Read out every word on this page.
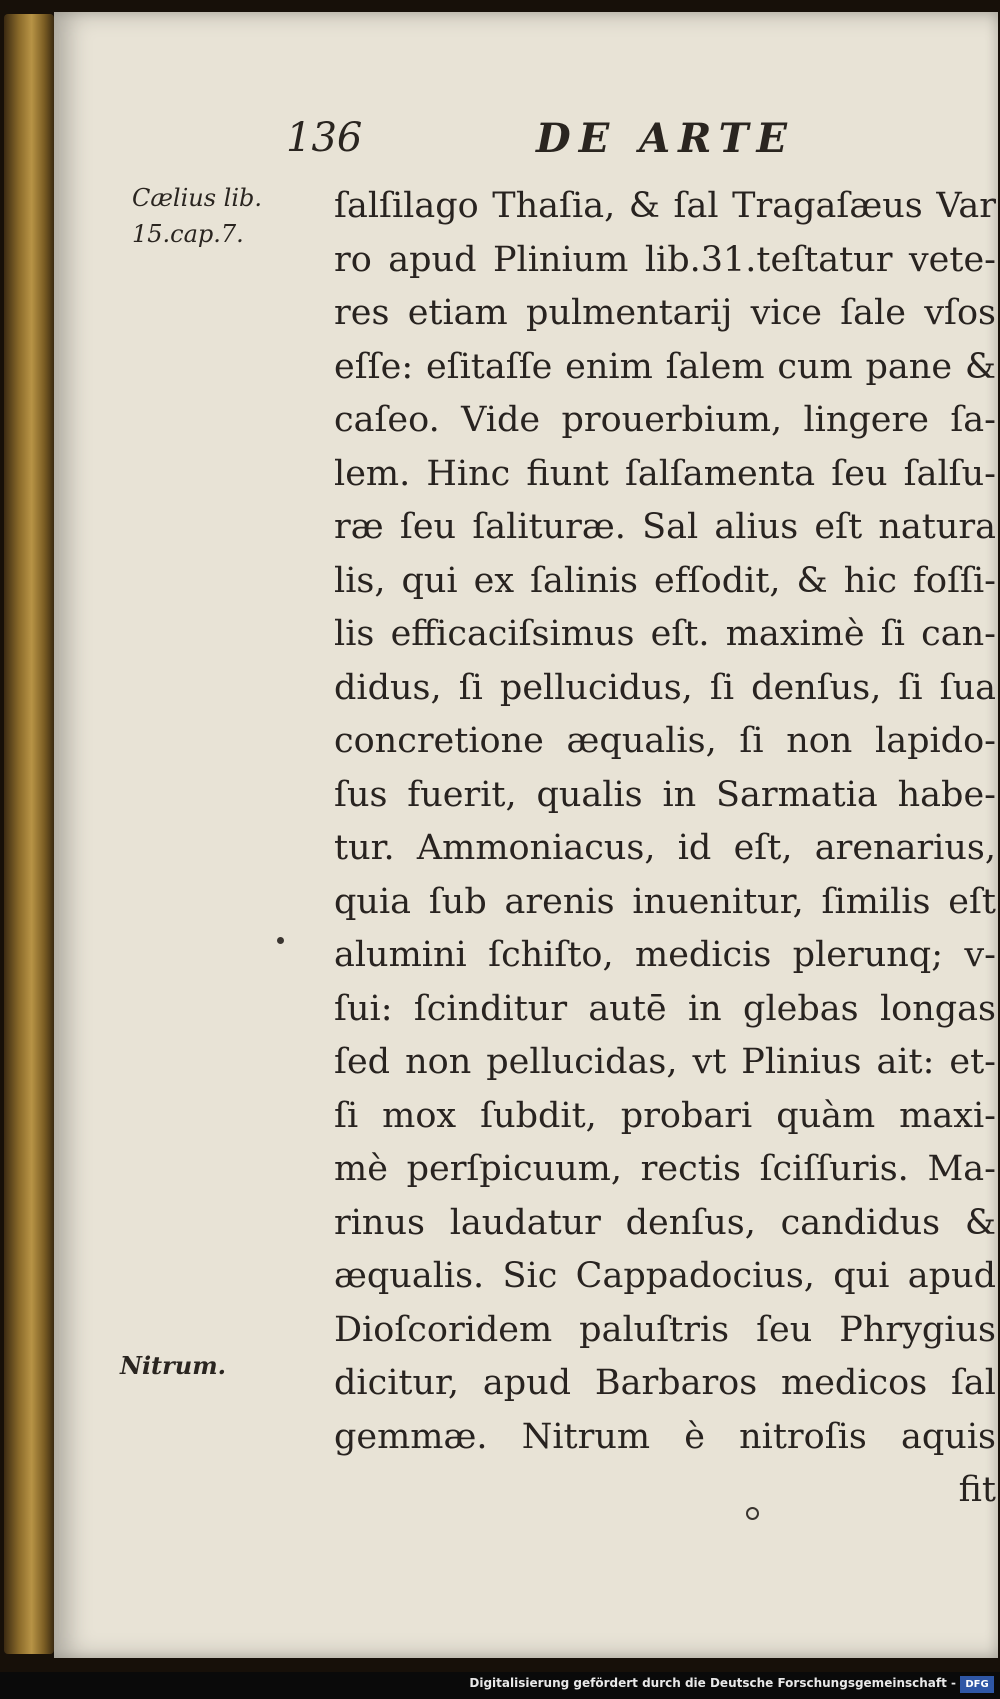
136	DE ARTE
Cælius lib.
15.cap.7.
Nitrum.
ſalſilago Thaſia, & ſal Tragaſæus Var
ro apud Plinium lib.31.teſtatur vete-
res etiam pulmentarij vice ſale vſos
eſſe: eſitaſſe enim ſalem cum pane &
caſeo. Vide prouerbium, lingere ſa-
lem. Hinc fiunt ſalſamenta ſeu ſalſu-
ræ ſeu ſalituræ. Sal alius eſt natura
lis, qui ex ſalinis efſodit, & hic foſſi-
lis efficaciſsimus eſt. maximè ſi can-
didus, ſi pellucidus, ſi denſus, ſi ſua
concretione æqualis, ſi non lapido-
ſus fuerit, qualis in Sarmatia habe-
tur. Ammoniacus, id eſt, arenarius,
quia ſub arenis inuenitur, ſimilis eſt
alumini ſchiſto, medicis plerunq; v-
ſui: ſcinditur autē in glebas longas
ſed non pellucidas, vt Plinius ait: et-
ſi mox ſubdit, probari quàm maxi-
mè perſpicuum, rectis ſciſſuris. Ma-
rinus laudatur denſus, candidus &
æqualis. Sic Cappadocius, qui apud
Dioſcoridem paluſtris ſeu Phrygius
dicitur, apud Barbaros medicos ſal
gemmæ. Nitrum è nitroſis aquis
fit
Digitalisierung gefördert durch die Deutsche Forschungsgemeinschaft - DFG
